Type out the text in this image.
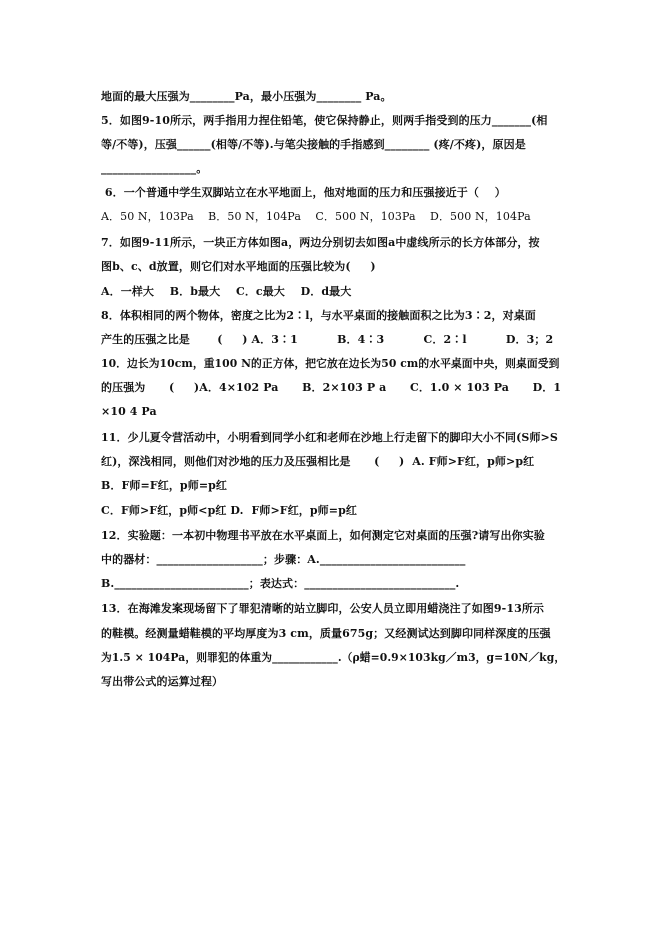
地面的最大压强为________Pa，最小压强为________ Pa。
5．如图9-10所示，两手指用力捏住铅笔，使它保持静止，则两手指受到的压力_______(相
等/不等)，压强______(相等/不等).与笔尖接触的手指感到________ (疼/不疼)，原因是
_________________。
6．一个普通中学生双脚站立在水平地面上，他对地面的压力和压强接近于（    ）
A．50 N，103Pa    B．50 N，104Pa    C．500 N，103Pa    D．500 N，104Pa
7．如图9-11所示，一块正方体如图a，两边分别切去如图a中虚线所示的长方体部分，按
图b、c、d放置，则它们对水平地面的压强比较为(     )
A．一样大    B．b最大    C．c最大    D．d最大
8．体积相同的两个物体，密度之比为2∶l，与水平桌面的接触面积之比为3∶2，对桌面
产生的压强之比是       (     ) A．3∶1          B．4∶3          C．2∶l          D．3；2
10．边长为10cm，重100 N的正方体，把它放在边长为50 cm的水平桌面中央，则桌面受到
的压强为      (     )A．4×102 Pa      B．2×103 P a      C．1.0 × 103 Pa      D．1
×10 4 Pa
11．少儿夏令营活动中，小明看到同学小红和老师在沙地上行走留下的脚印大小不同(S师>S
红)，深浅相同，则他们对沙地的压力及压强相比是      (     )  A. F师>F红，p师>p红
B．F师=F红，p师=p红
C．F师>F红，p师<p红 D.  F师>F红，p师=p红
12．实验题：一本初中物理书平放在水平桌面上，如何测定它对桌面的压强?请写出你实验
中的器材：___________________；步骤：A.__________________________
B.________________________；表达式：___________________________.
13．在海滩发案现场留下了罪犯清晰的站立脚印，公安人员立即用蜡浇注了如图9-13所示
的鞋模。经测量蜡鞋模的平均厚度为3 cm，质量675g；又经测试达到脚印同样深度的压强
为1.5 × 104Pa，则罪犯的体重为____________.（ρ蜡=0.9×103kg／m3，g=10N／kg，
写出带公式的运算过程）
